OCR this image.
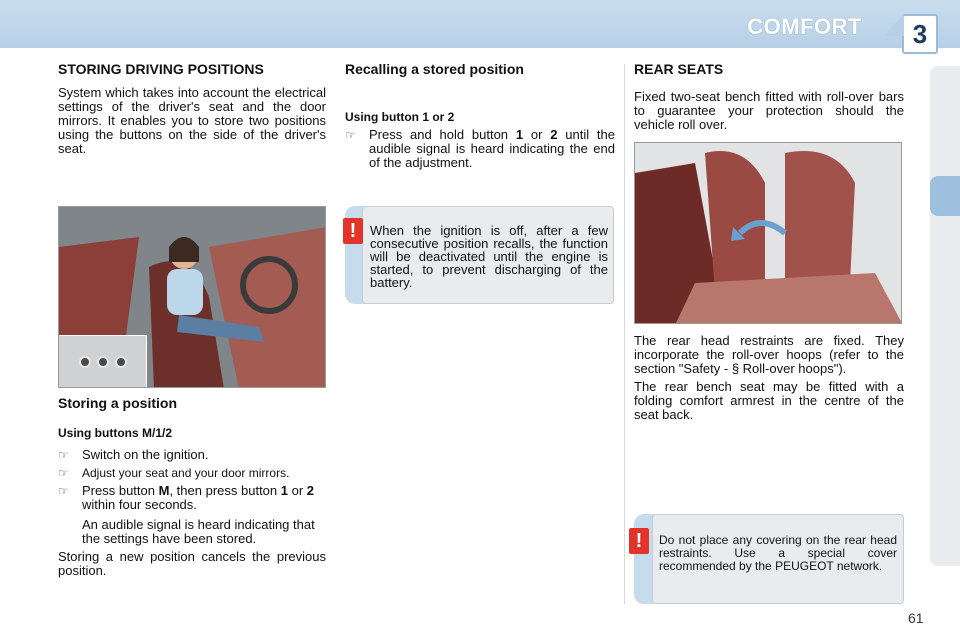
COMFORT	3
STORING DRIVING POSITIONS

System which takes into account the electrical settings of the driver's seat and the door mirrors. It enables you to store two positions using the buttons on the side of the driver's seat.

Storing a position
Using buttons M/1/2
☞	Switch on the ignition.
☞	Adjust your seat and your door mirrors.
☞	Press button M, then press button 1 or 2 within four seconds.

An audible signal is heard indicating that the settings have been stored.

Storing a new position cancels the previous position.

Recalling a stored position
Using button 1 or 2
☞	Press and hold button 1 or 2 until the audible signal is heard indicating the end of the adjustment.
!	When the ignition is off, after a few consecutive position recalls, the function will be deactivated until the engine is started, to prevent discharging of the battery.
REAR SEATS

Fixed two-seat bench fitted with roll-over bars to guarantee your protection should the vehicle roll over.

The rear head restraints are fixed. They incorporate the roll-over hoops (refer to the section "Safety - § Roll-over hoops").

The rear bench seat may be fitted with a folding comfort armrest in the centre of the seat back.

!	Do not place any covering on the rear head restraints. Use a special cover recommended by the PEUGEOT network.
61
